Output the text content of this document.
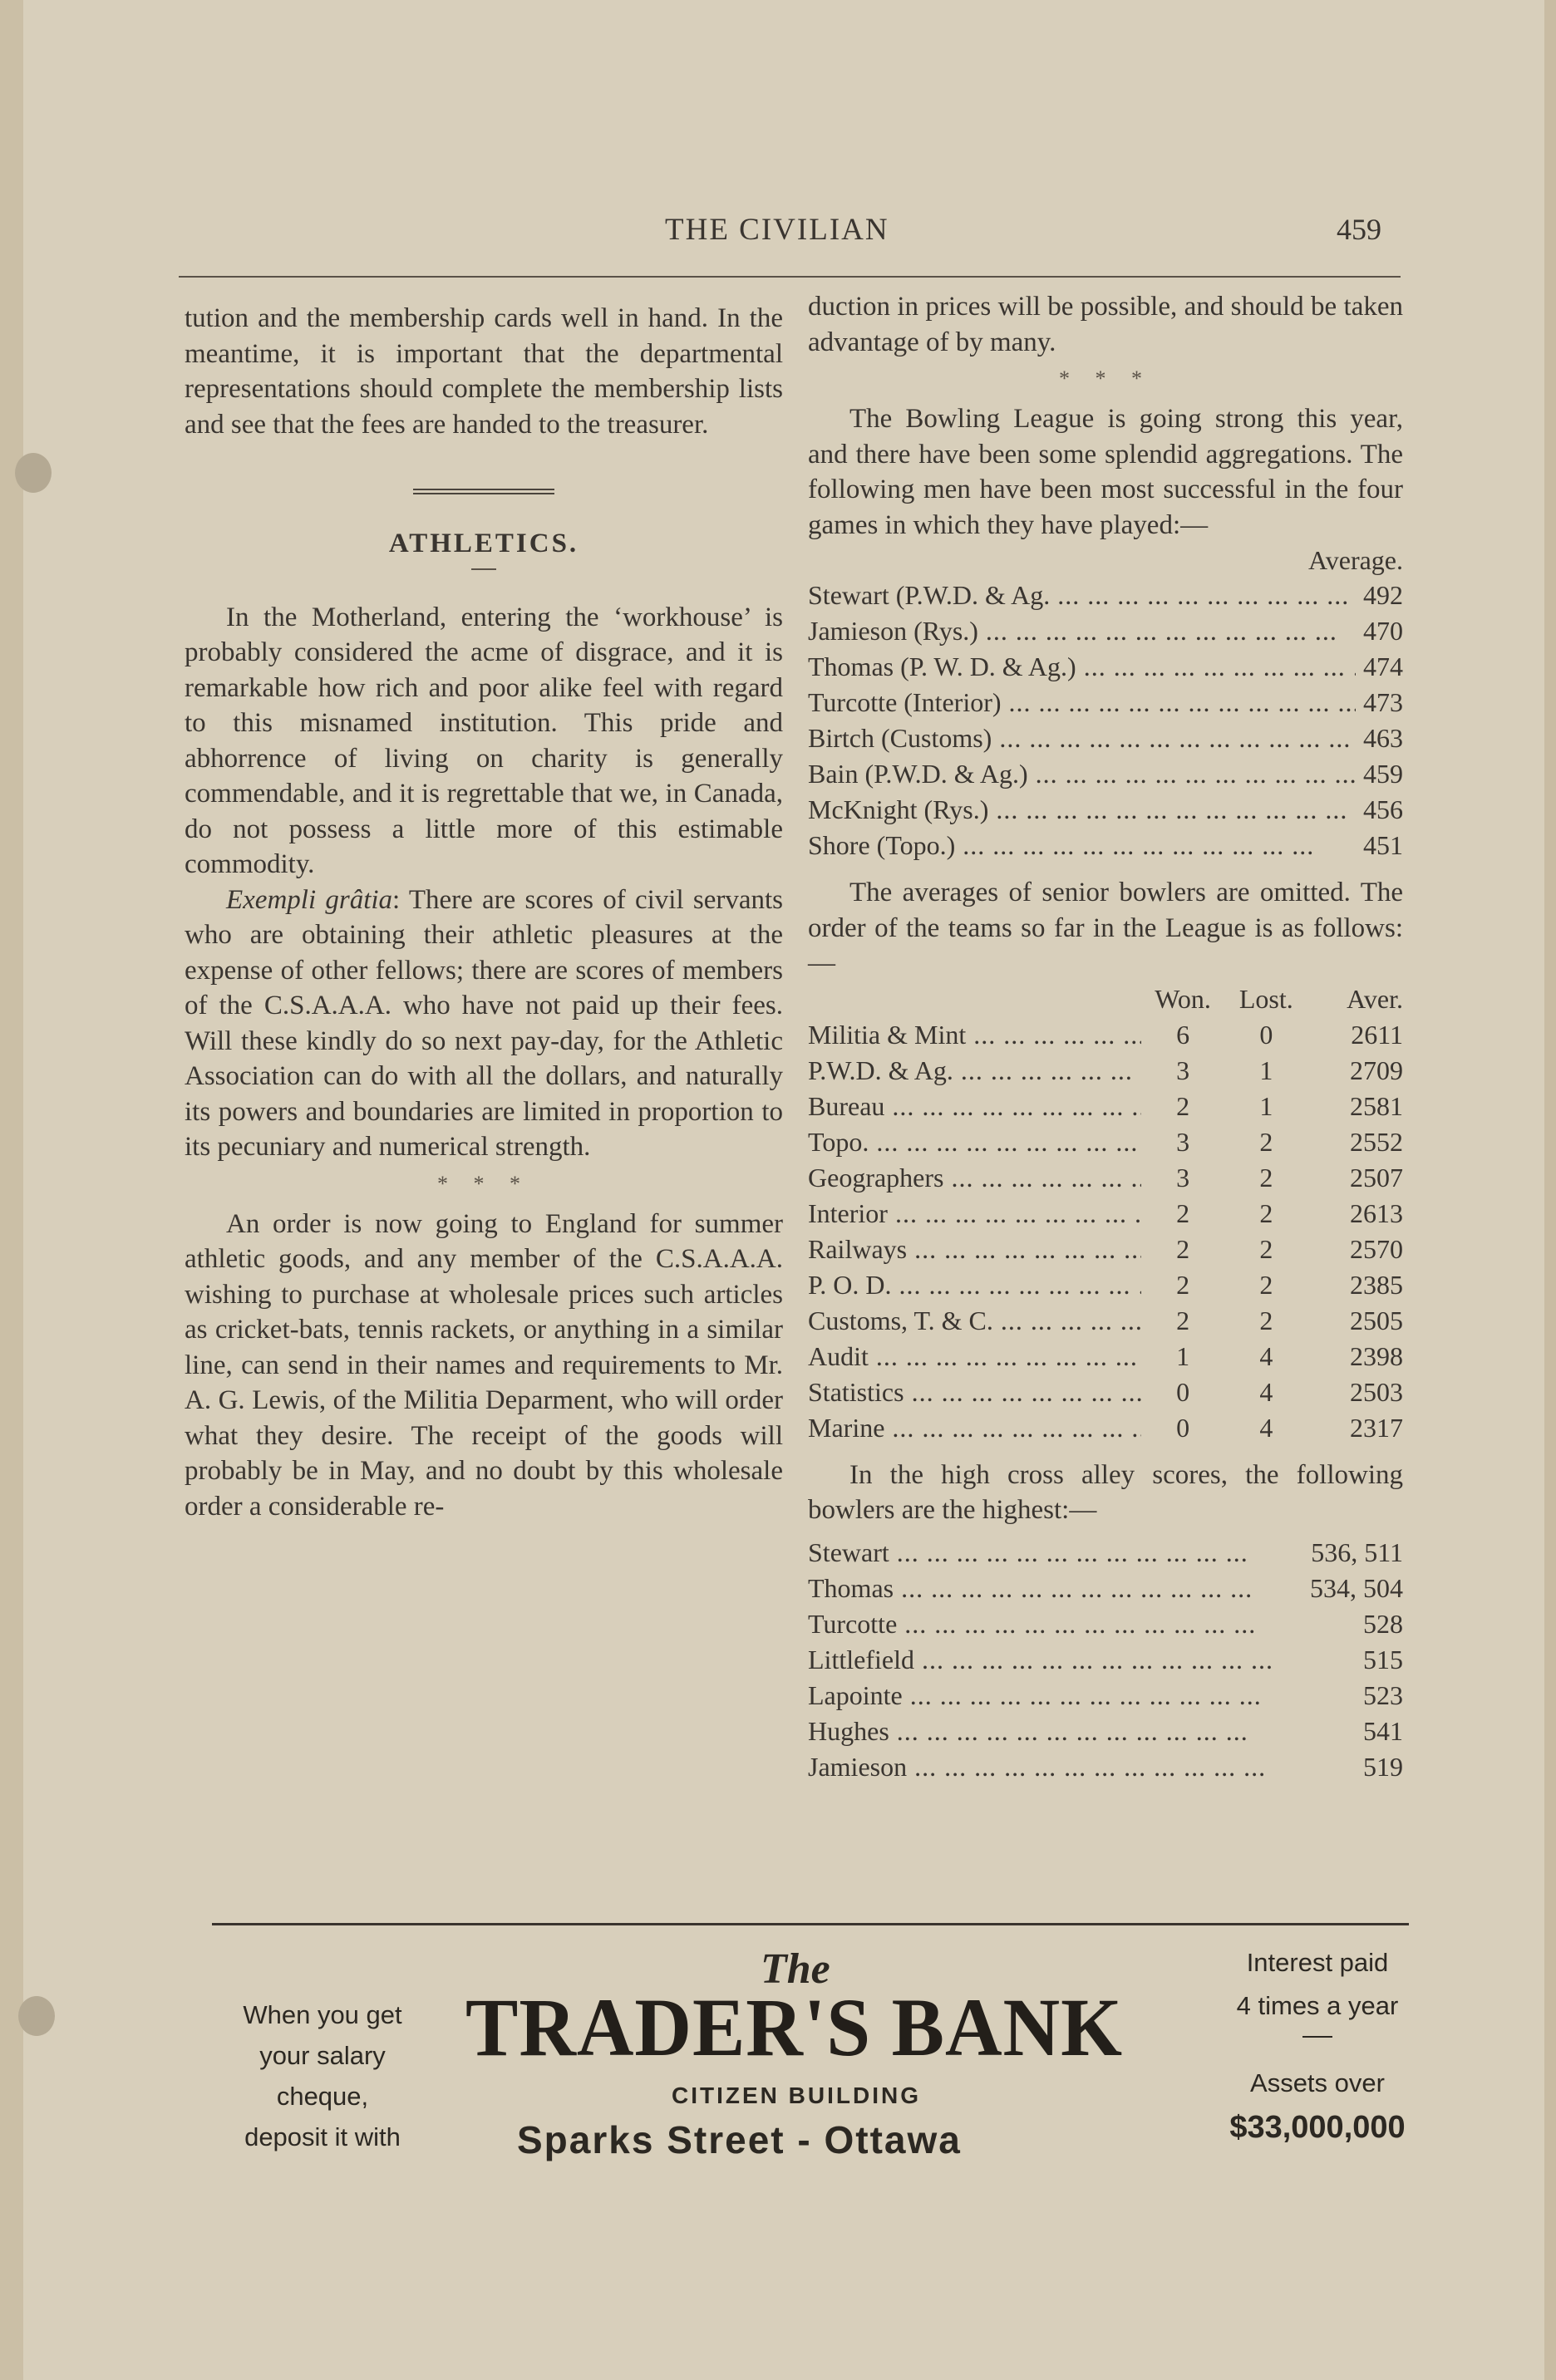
THE CIVILIAN	459

tution and the membership cards well in hand. In the meantime, it is important that the departmental representations should complete the membership lists and see that the fees are handed to the treasurer.

ATHLETICS.

In the Motherland, entering the ‘workhouse’ is probably considered the acme of disgrace, and it is remarkable how rich and poor alike feel with regard to this misnamed institution. This pride and abhorrence of living on charity is generally commendable, and it is regrettable that we, in Canada, do not possess a little more of this estimable commodity.

Exempli grâtia: There are scores of civil servants who are obtaining their athletic pleasures at the expense of other fellows; there are scores of members of the C.S.A.A.A. who have not paid up their fees. Will these kindly do so next pay-day, for the Athletic Association can do with all the dollars, and naturally its powers and boundaries are limited in proportion to its pecuniary and numerical strength.

* * *

An order is now going to England for summer athletic goods, and any member of the C.S.A.A.A. wishing to purchase at wholesale prices such articles as cricket-bats, tennis rackets, or anything in a similar line, can send in their names and requirements to Mr. A. G. Lewis, of the Militia Deparment, who will order what they desire. The receipt of the goods will probably be in May, and no doubt by this wholesale order a considerable re-

duction in prices will be possible, and should be taken advantage of by many.

* * *

The Bowling League is going strong this year, and there have been some splendid aggregations. The following men have been most successful in the four games in which they have played:—

Average.
Stewart (P.W.D. & Ag. ... .	492
Jamieson (Rys.) ... .	470
Thomas (P. W. D. & Ag.) ... .	474
Turcotte (Interior) ... .	473
Birtch (Customs) ... .	463
Bain (P.W.D. & Ag.) ... .	459
McKnight (Rys.) ... .	456
Shore (Topo.) ... .	451

The averages of senior bowlers are omitted. The order of the teams so far in the League is as follows:—

	Won.	Lost.	Aver.
Militia & Mint ... .	6	0	2611
P.W.D. & Ag. ... .	3	1	2709
Bureau ... .	2	1	2581
Topo. ... .	3	2	2552
Geographers ... .	3	2	2507
Interior ... .	2	2	2613
Railways ... .	2	2	2570
P. O. D. ... .	2	2	2385
Customs, T. & C. ... .	2	2	2505
Audit ... .	1	4	2398
Statistics ... .	0	4	2503
Marine ... .	0	4	2317

In the high cross alley scores, the following bowlers are the highest:—

Stewart ... .	536, 511
Thomas ... .	534, 504
Turcotte ... .	528
Littlefield ... .	515
Lapointe ... .	523
Hughes ... .	541
Jamieson ... .	519
When you get
your salary
cheque,
deposit it with
The
TRADER'S BANK
CITIZEN BUILDING
Sparks Street - Ottawa
Interest paid
4 times a year
Assets over
$33,000,000
